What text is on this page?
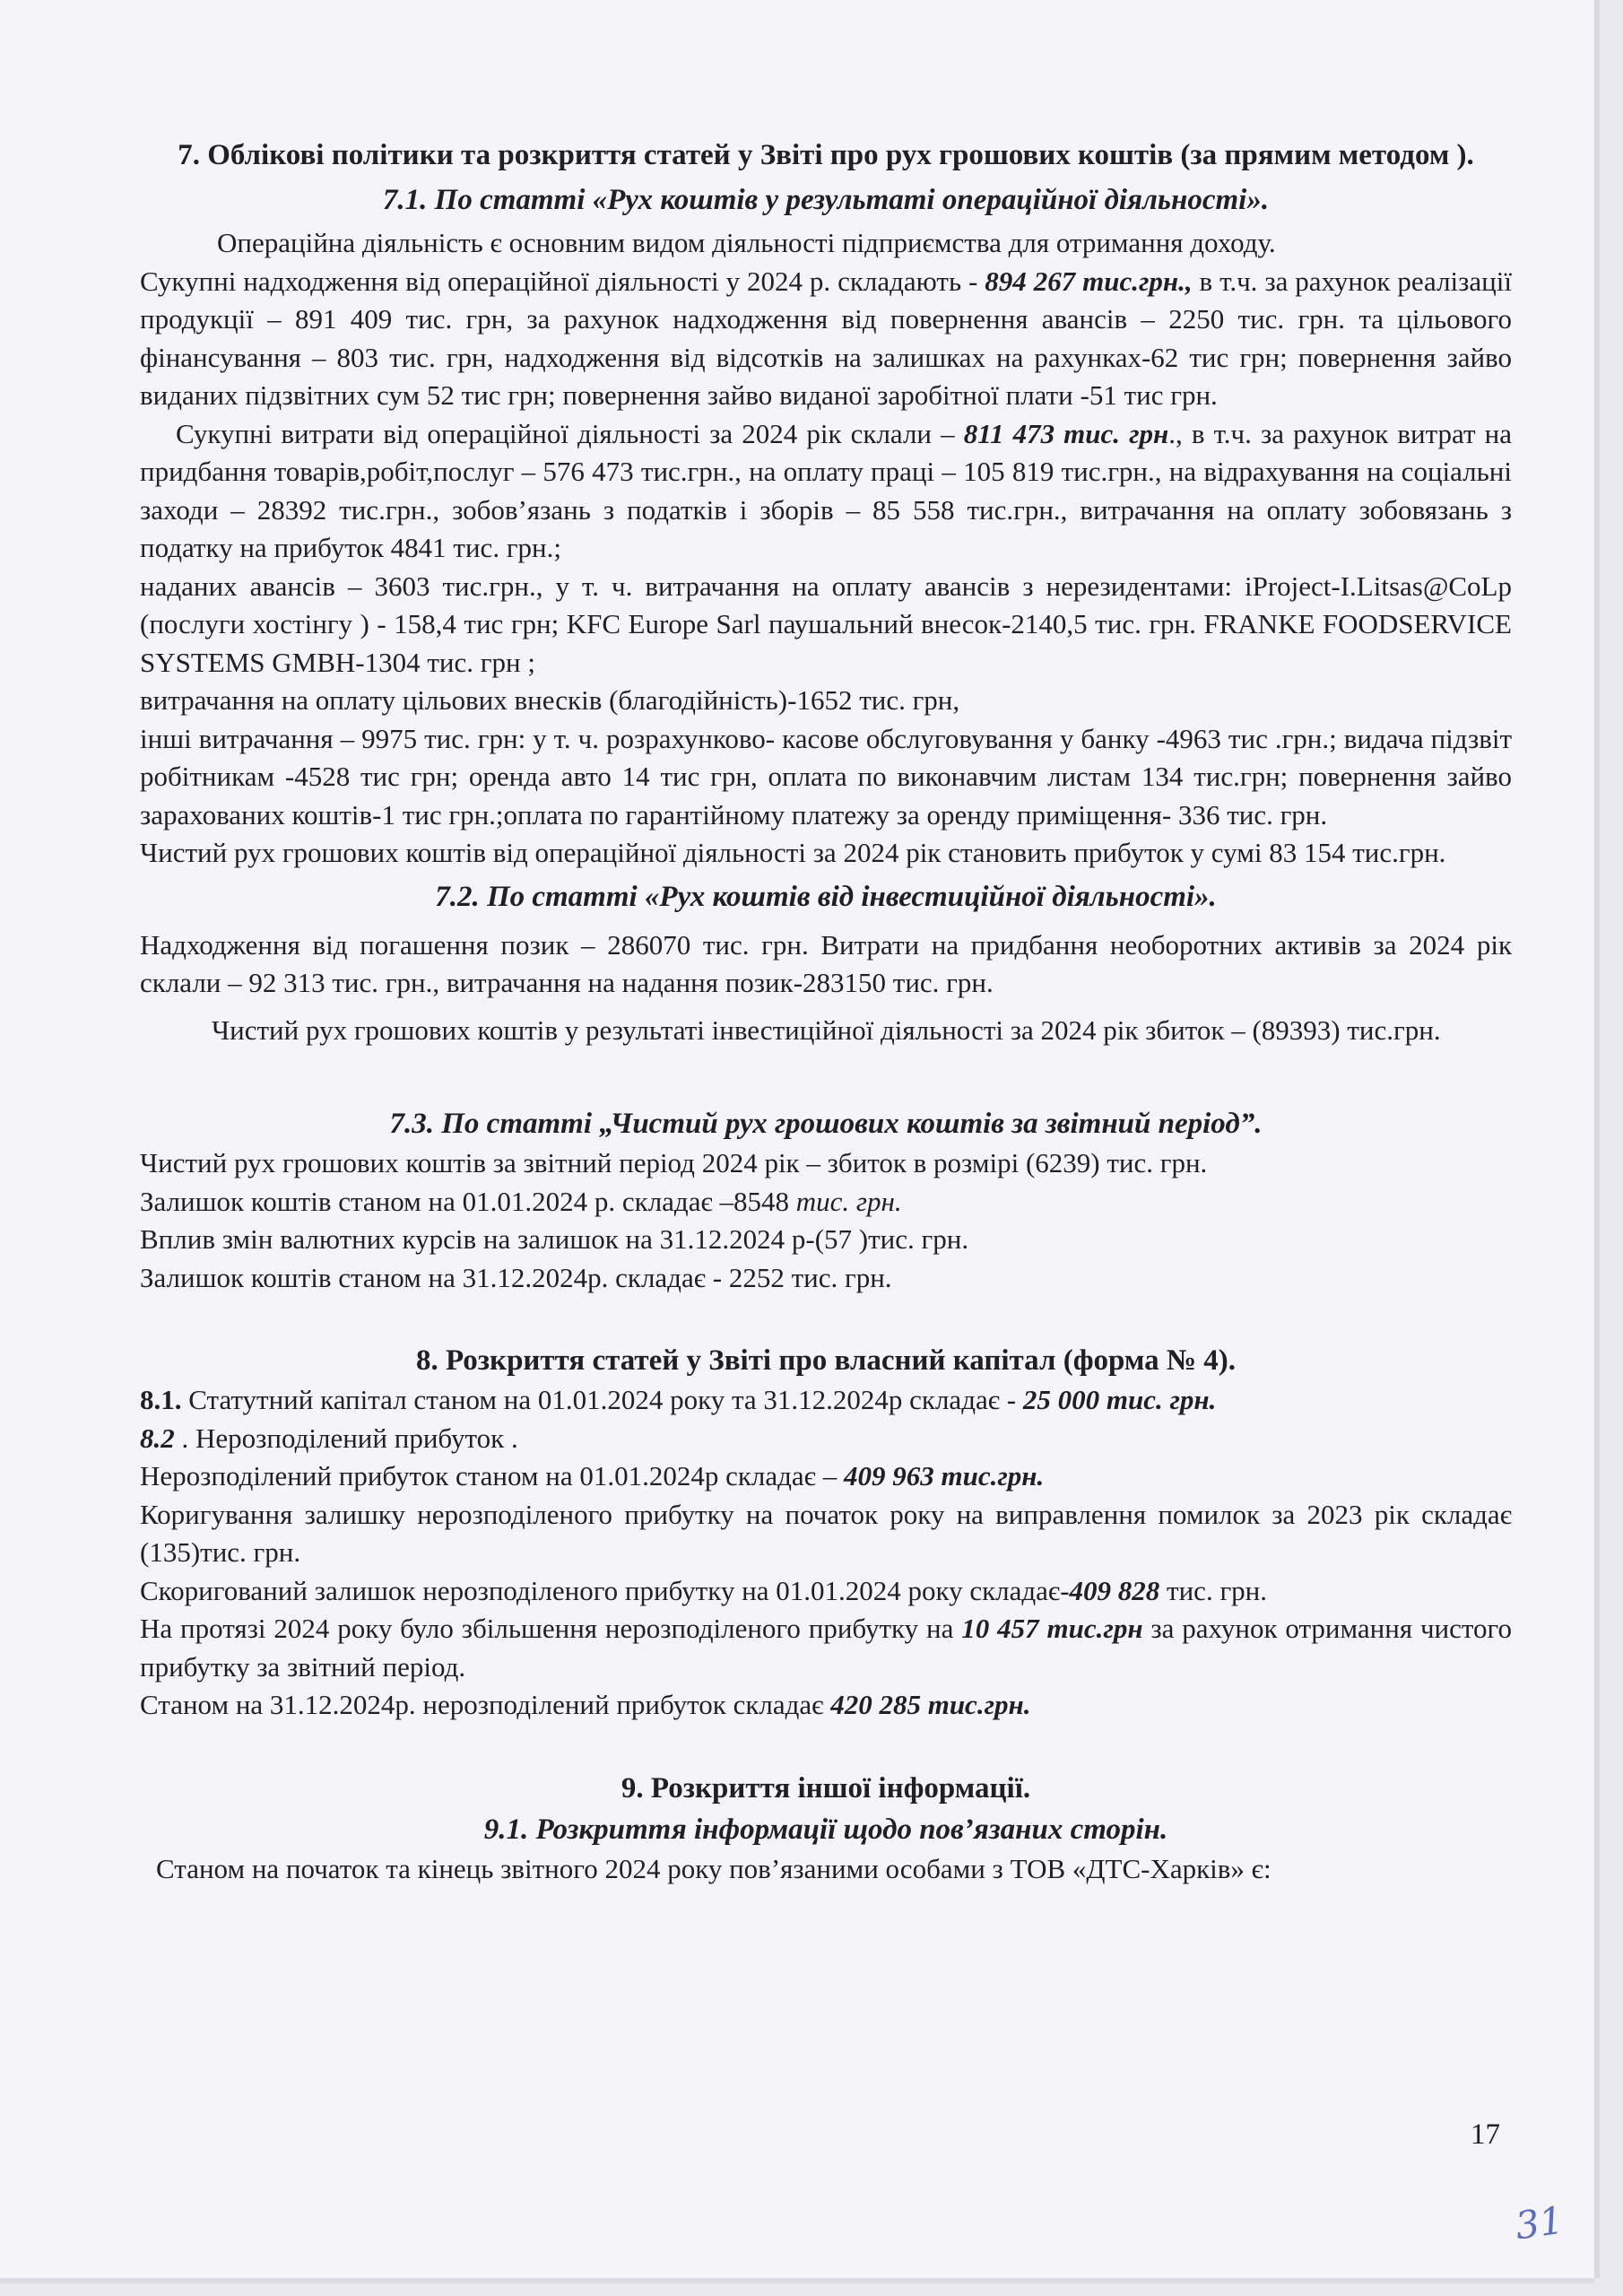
7. Облікові політики та розкриття статей у Звіті про рух грошових коштів (за прямим методом ).

7.1. По статті «Рух коштів у результаті операційної діяльності».

Операційна діяльність є основним видом діяльності підприємства для отримання доходу.

Сукупні надходження від операційної діяльності у 2024 р. складають - 894 267 тис.грн., в т.ч. за рахунок реалізації продукції – 891 409 тис. грн, за рахунок надходження від повернення авансів – 2250 тис. грн. та цільового фінансування – 803 тис. грн, надходження від відсотків на залишках на рахунках-62 тис грн; повернення зайво виданих підзвітних сум 52 тис грн; повернення зайво виданої заробітної плати -51 тис грн.

Сукупні витрати від операційної діяльності за 2024 рік склали – 811 473 тис. грн., в т.ч. за рахунок витрат на придбання товарів,робіт,послуг – 576 473 тис.грн., на оплату праці – 105 819 тис.грн., на відрахування на соціальні заходи – 28392 тис.грн., зобов’язань з податків і зборів – 85 558 тис.грн., витрачання на оплату зобовязань з податку на прибуток 4841 тис. грн.;

наданих авансів – 3603 тис.грн., у т. ч. витрачання на оплату авансів з нерезидентами: iProject-I.Litsas@CoLp (послуги хостінгу ) - 158,4 тис грн; KFC Europe Sarl паушальний внесок-2140,5 тис. грн. FRANKE FOODSERVICE SYSTEMS GMBH-1304 тис. грн ;

витрачання на оплату цільових внесків (благодійність)-1652 тис. грн,

інші витрачання – 9975 тис. грн: у т. ч. розрахунково- касове обслуговування у банку -4963 тис .грн.; видача підзвіт робітникам -4528 тис грн; оренда авто 14 тис грн, оплата по виконавчим листам 134 тис.грн; повернення зайво зарахованих коштів-1 тис грн.;оплата по гарантійному платежу за оренду приміщення- 336 тис. грн.

Чистий рух грошових коштів від операційної діяльності за 2024 рік становить прибуток у сумі 83 154 тис.грн.

7.2. По статті «Рух коштів від інвестиційної діяльності».

Надходження від погашення позик – 286070 тис. грн. Витрати на придбання необоротних активів за 2024 рік склали – 92 313 тис. грн., витрачання на надання позик-283150 тис. грн.

Чистий рух грошових коштів у результаті інвестиційної діяльності за 2024 рік збиток – (89393) тис.грн.

7.3. По статті „Чистий рух грошових коштів за звітний період”.

Чистий рух грошових коштів за звітний період 2024 рік – збиток в розмірі (6239) тис. грн.

Залишок коштів станом на 01.01.2024 р. складає –8548 тис. грн.

Вплив змін валютних курсів на залишок на 31.12.2024 р-(57 )тис. грн.

Залишок коштів станом на 31.12.2024р. складає - 2252 тис. грн.

8. Розкриття статей у Звіті про власний капітал (форма № 4).

8.1. Статутний капітал станом на 01.01.2024 року та 31.12.2024р складає - 25 000 тис. грн.

8.2 . Нерозподілений прибуток .

Нерозподілений прибуток станом на 01.01.2024р складає – 409 963 тис.грн.

Коригування залишку нерозподіленого прибутку на початок року на виправлення помилок за 2023 рік складає (135)тис. грн.

Скоригований залишок нерозподіленого прибутку на 01.01.2024 року складає-409 828 тис. грн.

На протязі 2024 року було збільшення нерозподіленого прибутку на 10 457 тис.грн за рахунок отримання чистого прибутку за звітний період.

Станом на 31.12.2024р. нерозподілений прибуток складає 420 285 тис.грн.

9. Розкриття іншої інформації.

9.1. Розкриття інформації щодо пов’язаних сторін.

Станом на початок та кінець звітного 2024 року пов’язаними особами з ТОВ «ДТС-Харків» є:

17
31
